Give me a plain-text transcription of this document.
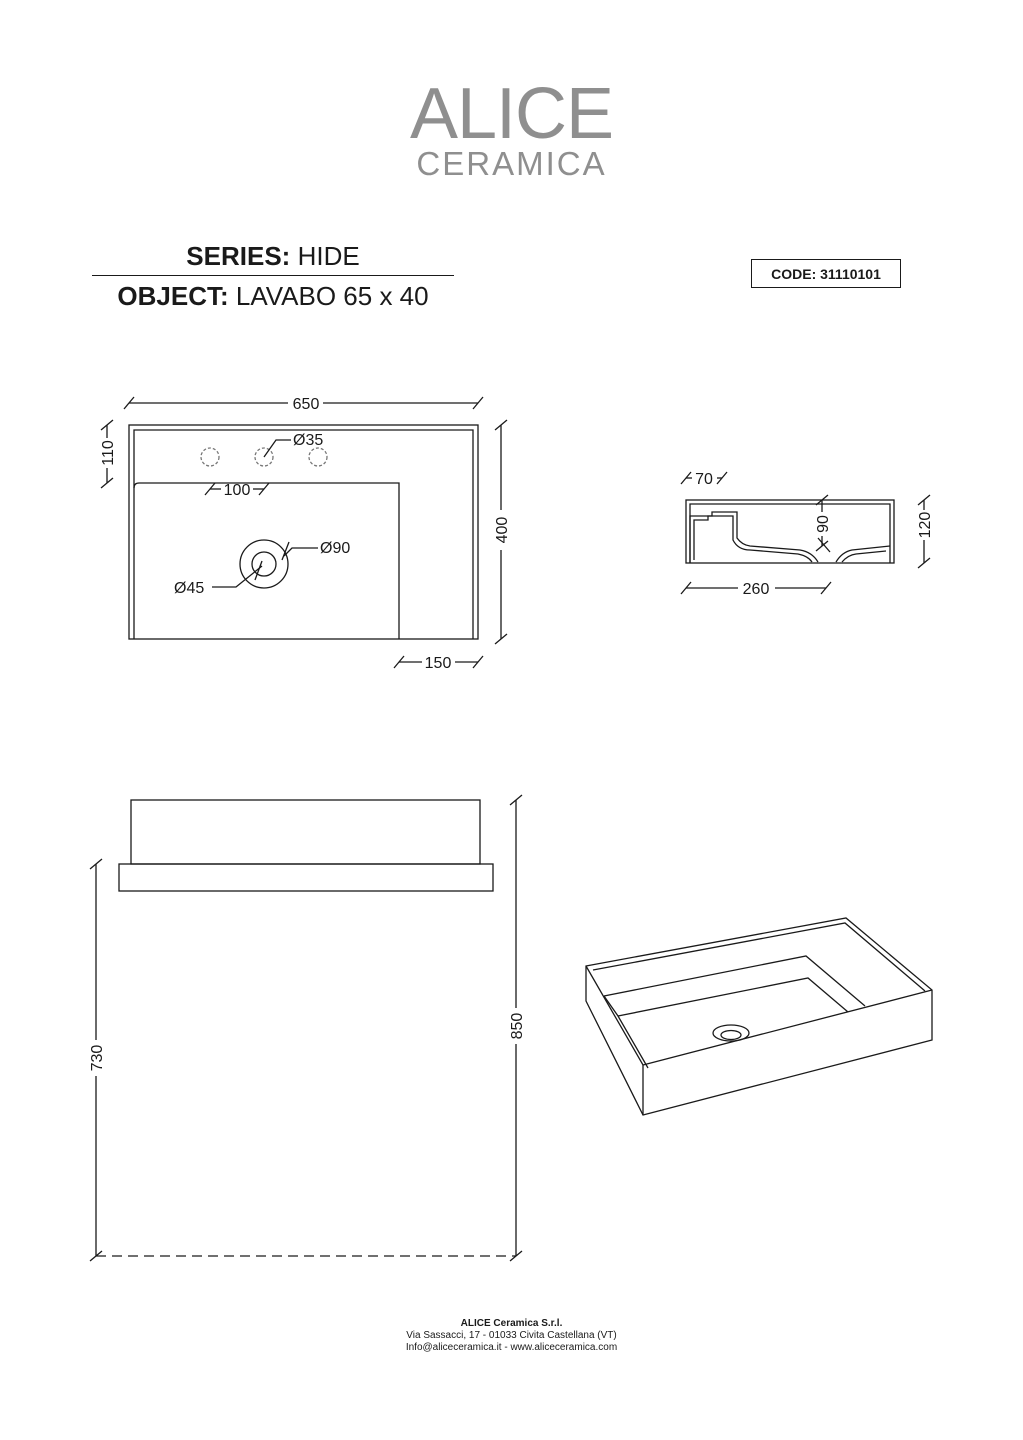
ALICE
CERAMICA
SERIES: HIDE
OBJECT: LAVABO 65 x 40
CODE: 31110101
650
110	Ø35
100
Ø90
Ø45
400
150
70
90	120
260
730
850
ALICE Ceramica S.r.l.
Via Sassacci, 17 - 01033 Civita Castellana (VT)
Info@aliceceramica.it - www.aliceceramica.com
